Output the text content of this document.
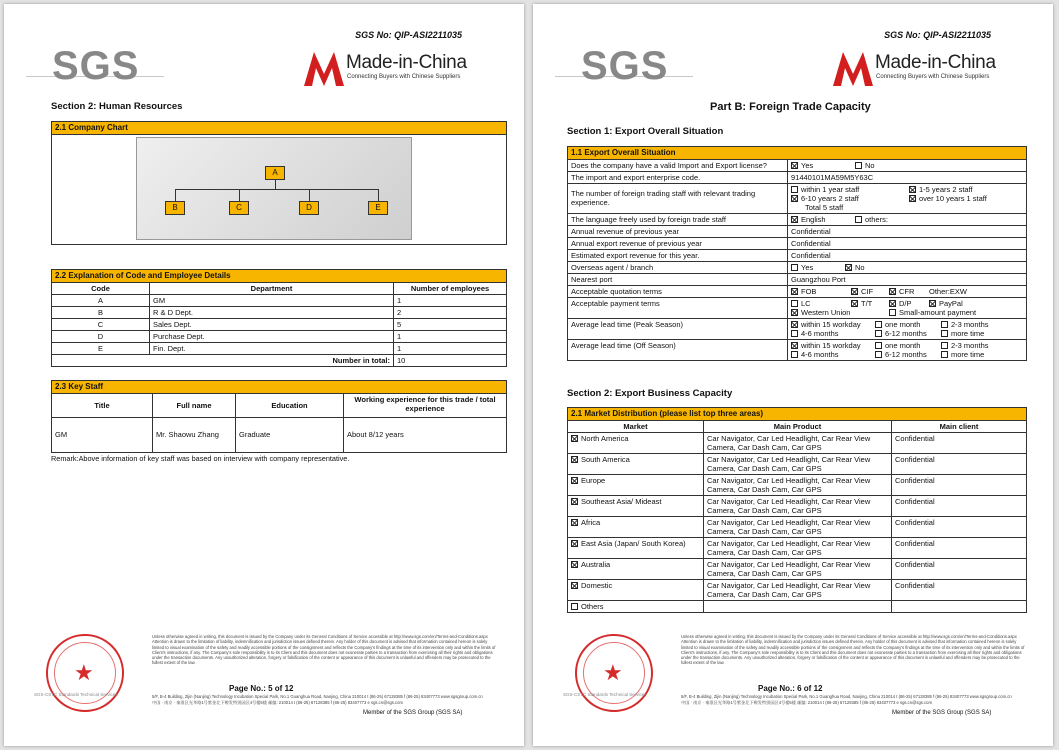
SGS No: QIP-ASI2211035
SGS	Made-in-China
Connecting Buyers with Chinese Suppliers
Section 2: Human Resources
2.1 Company Chart

A
B	C	D	E
2.2 Explanation of Code and Employee Details		
Code	Department	Number of employees
A	GM	1
B	R & D Dept.	2
C	Sales Dept.	5
D	Purchase Dept.	1
E	Fin. Dept.	1
Number in total:		10
2.3 Key Staff			
Title	Full name	Education	Working experience for this trade / total experience
GM	Mr. Shaowu Zhang	Graduate	About 8/12 years
Remark:Above information of key staff was based on interview with company representative.
★
SGS-CSTC Standards Technical Services
Unless otherwise agreed in writing, this document is issued by the Company under its General Conditions of Service accessible at http://www.sgs.com/en/Terms-and-Conditions.aspx Attention is drawn to the limitation of liability, indemnification and jurisdiction issues defined therein. Any holder of this document is advised that information contained hereon is solely limited to visual examination of the safety and readily accessible portions of the consignment and reflects the Company's findings at the time of its intervention only and within the limits of Client's instructions, if any. The Company's sole responsibility is to its Client and this document does not exonerate parties to a transaction from exercising all their rights and obligations under the transaction documents. Any unauthorized alteration, forgery or falsification of the content or appearance of this document is unlawful and offenders may be prosecuted to the fullest extent of the law.
Page No.: 5 of 12
5/F, B-4 Building, Zijin (Nanjing) Technology Incubation Special Park, No.1 Guanghua Road, Nanjing, China 210014 t (86-25) 67128385 f (86-25) 83407773 www.sgsgroup.com.cn
中国 · 南京 · 秦淮区光华路1号紫金北下孵发特别园区4号楼5楼 邮编: 210014 t (86-25) 67128385 f (86-25) 83407773 e sgs.cn@sgs.com
Member of the SGS Group (SGS SA)
SGS No: QIP-ASI2211035
SGS	Made-in-China
Connecting Buyers with Chinese Suppliers
Part B: Foreign Trade Capacity
Section 1: Export Overall Situation
1.1 Export Overall Situation	
Does the company have a valid Import and Export license?	Yes No
The import and export enterprise code.	91440101MA59M5Y63C
The number of foreign trading staff with relevant trading experience.	within 1 year staff 1-5 years 2 staff
6-10 years 2 staff over 10 years 1 staff
Total 5 staff

The language freely used by foreign trade staff	English others:
Annual revenue of previous year	Confidential
Annual export revenue of previous year	Confidential
Estimated export revenue for this year.	Confidential
Overseas agent / branch	Yes No
Nearest port	Guangzhou Port
Acceptable quotation terms	FOB CIF CFR Other:EXW
Acceptable payment terms	LC T/T D/P PayPal
Western Union Small-amount payment

Average lead time (Peak Season)	within 15 workday one month 2-3 months
4-6 months 6-12 months more time

Average lead time (Off Season)	within 15 workday one month 2-3 months
4-6 months 6-12 months more time
Section 2: Export Business Capacity
2.1 Market Distribution (please list top three areas)		
Market	Main Product	Main client
North America	Car Navigator, Car Led Headlight, Car Rear View Camera, Car Dash Cam, Car GPS	Confidential
South America	Car Navigator, Car Led Headlight, Car Rear View Camera, Car Dash Cam, Car GPS	Confidential
Europe	Car Navigator, Car Led Headlight, Car Rear View Camera, Car Dash Cam, Car GPS	Confidential
Southeast Asia/ Mideast	Car Navigator, Car Led Headlight, Car Rear View Camera, Car Dash Cam, Car GPS	Confidential
Africa	Car Navigator, Car Led Headlight, Car Rear View Camera, Car Dash Cam, Car GPS	Confidential
East Asia (Japan/ South Korea)	Car Navigator, Car Led Headlight, Car Rear View Camera, Car Dash Cam, Car GPS	Confidential
Australia	Car Navigator, Car Led Headlight, Car Rear View Camera, Car Dash Cam, Car GPS	Confidential
Domestic	Car Navigator, Car Led Headlight, Car Rear View Camera, Car Dash Cam, Car GPS	Confidential
Others		
★
SGS-CSTC Standards Technical Services
Unless otherwise agreed in writing, this document is issued by the Company under its General Conditions of Service accessible at http://www.sgs.com/en/Terms-and-Conditions.aspx Attention is drawn to the limitation of liability, indemnification and jurisdiction issues defined therein. Any holder of this document is advised that information contained hereon is solely limited to visual examination of the safety and readily accessible portions of the consignment and reflects the Company's findings at the time of its intervention only and within the limits of Client's instructions, if any. The Company's sole responsibility is to its Client and this document does not exonerate parties to a transaction from exercising all their rights and obligations under the transaction documents. Any unauthorized alteration, forgery or falsification of the content or appearance of this document is unlawful and offenders may be prosecuted to the fullest extent of the law.
Page No.: 6 of 12
5/F, B-4 Building, Zijin (Nanjing) Technology Incubation Special Park, No.1 Guanghua Road, Nanjing, China 210014 t (86-25) 67128385 f (86-25) 83407773 www.sgsgroup.com.cn
中国 · 南京 · 秦淮区光华路1号紫金北下孵发特别园区4号楼5楼 邮编: 210014 t (86-25) 67128385 f (86-25) 83407773 e sgs.cn@sgs.com
Member of the SGS Group (SGS SA)
